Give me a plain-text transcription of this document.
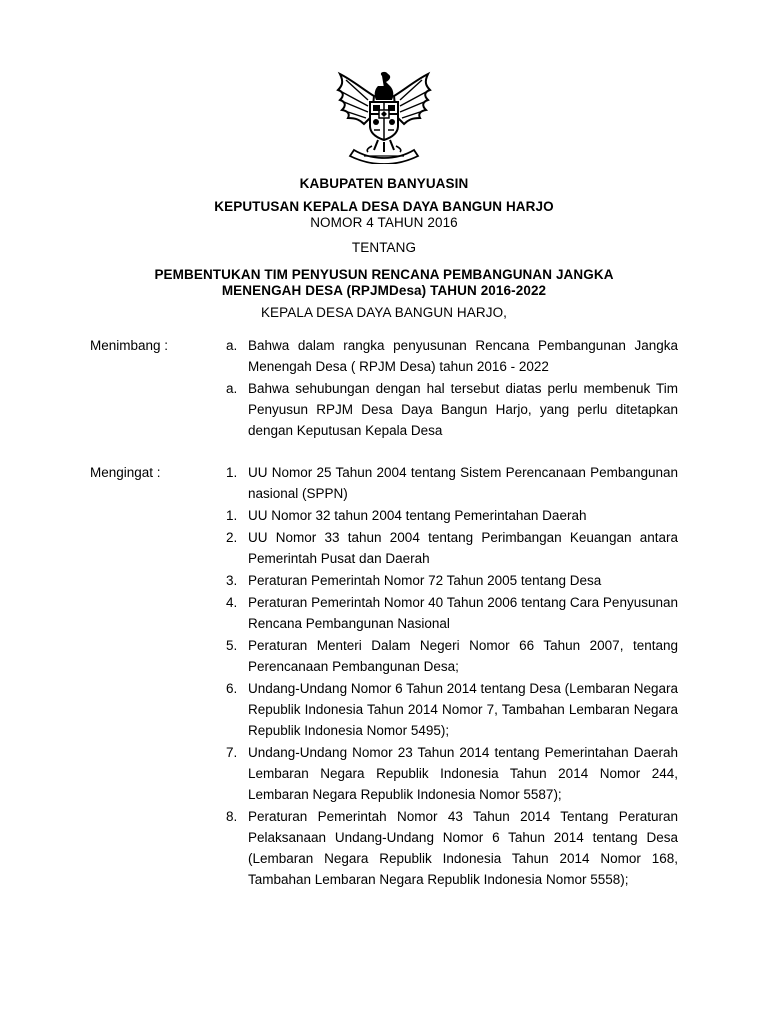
KABUPATEN BANYUASIN
KEPUTUSAN KEPALA DESA DAYA BANGUN HARJO
NOMOR 4 TAHUN 2016
TENTANG
PEMBENTUKAN TIM PENYUSUN RENCANA PEMBANGUNAN JANGKA
MENENGAH DESA (RPJMDesa) TAHUN 2016-2022
KEPALA DESA DAYA BANGUN HARJO,
Menimbang :	a. Bahwa dalam rangka penyusunan Rencana Pembangunan Jangka Menengah Desa ( RPJM Desa) tahun 2016 - 2022
a. Bahwa sehubungan dengan hal tersebut diatas perlu membenuk Tim Penyusun RPJM Desa Daya Bangun Harjo, yang perlu ditetapkan dengan Keputusan Kepala Desa
Mengingat :	1. UU Nomor 25 Tahun 2004 tentang Sistem Perencanaan Pembangunan nasional (SPPN)
1. UU Nomor 32 tahun 2004 tentang Pemerintahan Daerah
2. UU Nomor 33 tahun 2004 tentang Perimbangan Keuangan antara Pemerintah Pusat dan Daerah
3. Peraturan Pemerintah Nomor 72 Tahun 2005 tentang Desa
4. Peraturan Pemerintah Nomor 40 Tahun 2006 tentang Cara Penyusunan Rencana Pembangunan Nasional
5. Peraturan Menteri Dalam Negeri Nomor 66 Tahun 2007, tentang Perencanaan Pembangunan Desa;
6. Undang-Undang Nomor 6 Tahun 2014 tentang Desa (Lembaran Negara Republik Indonesia Tahun 2014 Nomor 7, Tambahan Lembaran Negara Republik Indonesia Nomor 5495);
7. Undang-Undang Nomor 23 Tahun 2014 tentang Pemerintahan Daerah Lembaran Negara Republik Indonesia Tahun 2014 Nomor 244, Lembaran Negara Republik Indonesia Nomor 5587);
8. Peraturan Pemerintah Nomor 43 Tahun 2014 Tentang Peraturan Pelaksanaan Undang-Undang Nomor 6 Tahun 2014 tentang Desa (Lembaran Negara Republik Indonesia Tahun 2014 Nomor 168, Tambahan Lembaran Negara Republik Indonesia Nomor 5558);
